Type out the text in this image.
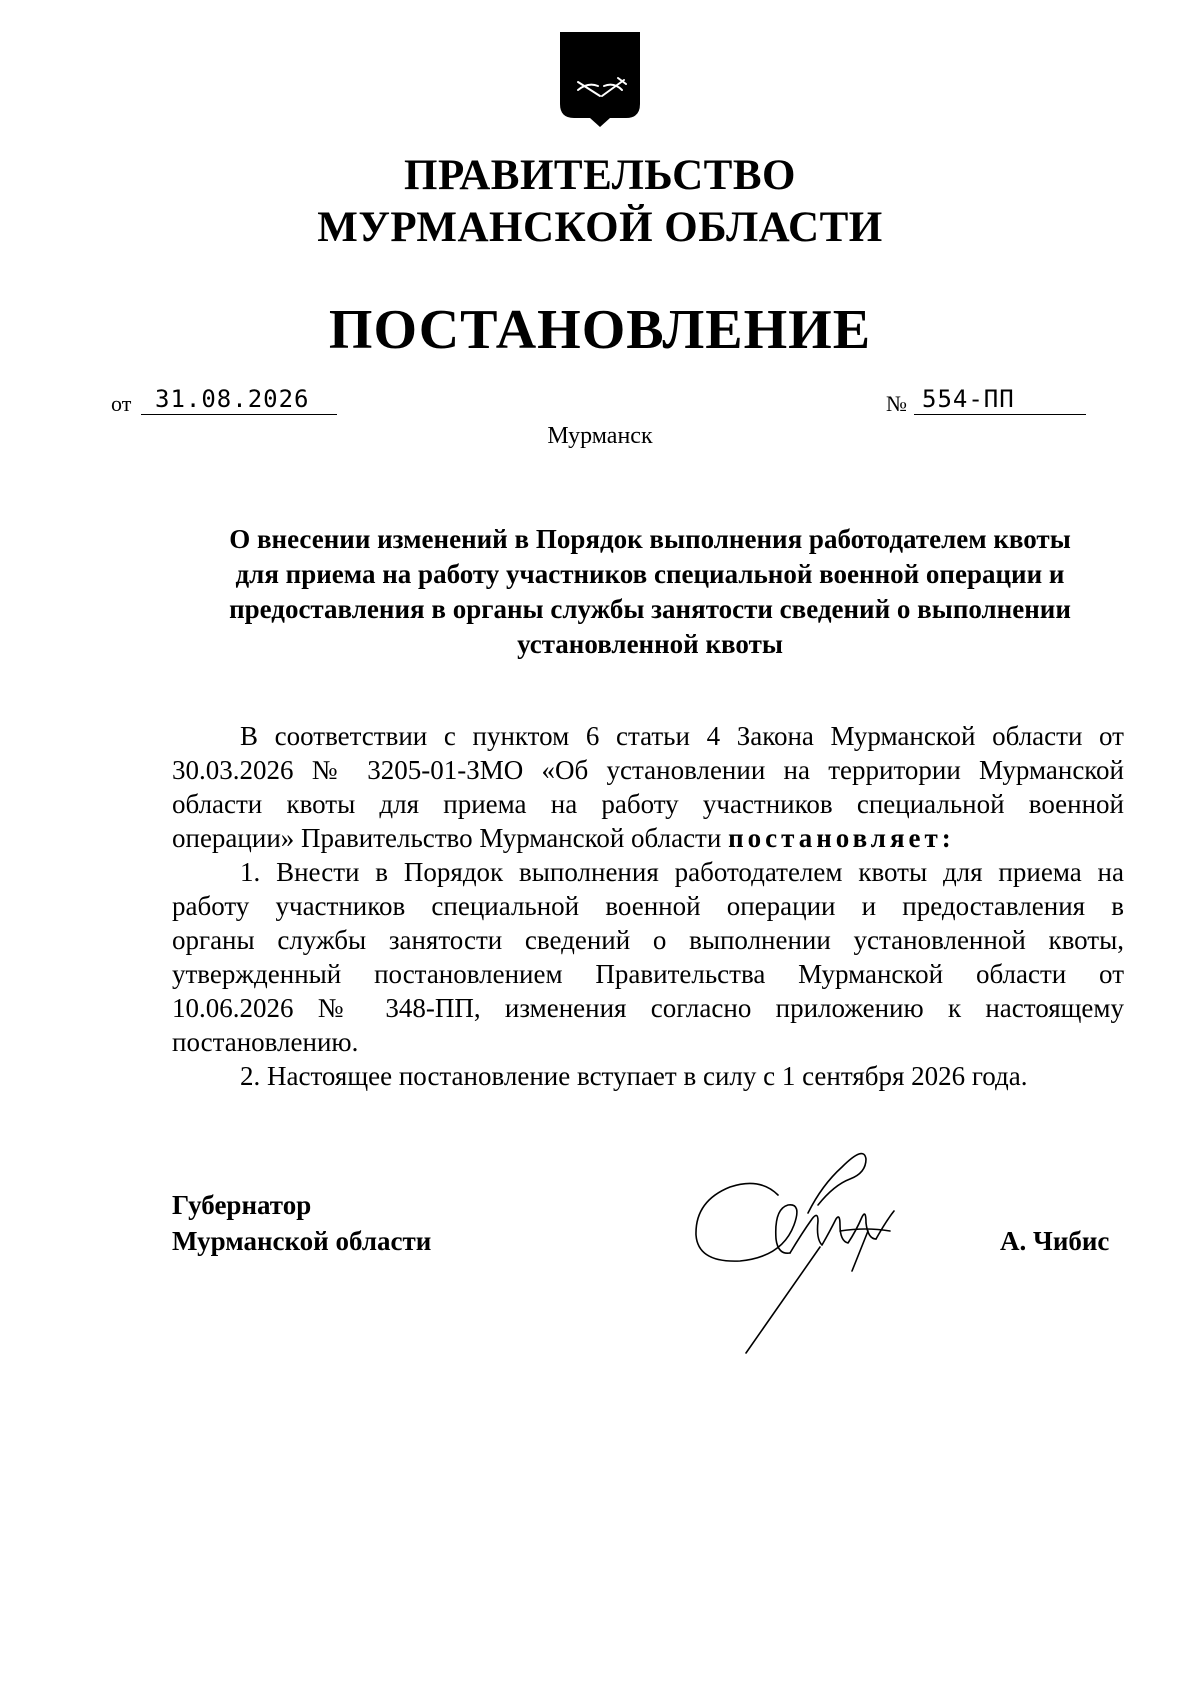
ПРАВИТЕЛЬСТВО
МУРМАНСКОЙ ОБЛАСТИ
ПОСТАНОВЛЕНИЕ
от 31.08.2026	№ 554-ПП
Мурманск
О внесении изменений в Порядок выполнения работодателем квоты
для приема на работу участников специальной военной операции и
предоставления в органы службы занятости сведений о выполнении
установленной квоты
В соответствии с пунктом 6 статьи 4 Закона Мурманской области от
30.03.2026 № 3205-01-ЗМО «Об установлении на территории Мурманской
области квоты для приема на работу участников специальной военной
операции» Правительство Мурманской области постановляет:
1. Внести в Порядок выполнения работодателем квоты для приема на
работу участников специальной военной операции и предоставления в
органы службы занятости сведений о выполнении установленной квоты,
утвержденный постановлением Правительства Мурманской области от
10.06.2026 № 348-ПП, изменения согласно приложению к настоящему
постановлению.
2. Настоящее постановление вступает в силу с 1 сентября 2026 года.
Губернатор
Мурманской области	А. Чибис
